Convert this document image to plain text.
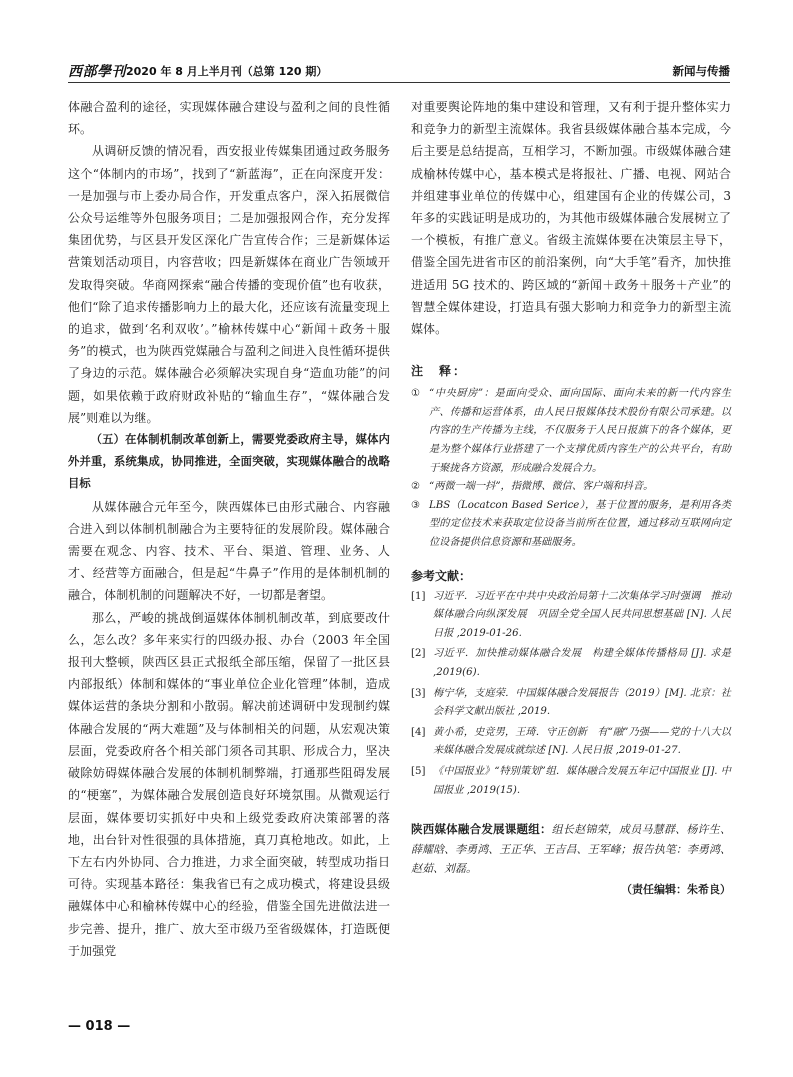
西部學刊 2020 年 8 月上半月刊（总第 120 期）	新闻与传播

体融合盈利的途径，实现媒体融合建设与盈利之间的良性循环。

从调研反馈的情况看，西安报业传媒集团通过政务服务这个“体制内的市场”，找到了“新蓝海”，正在向深度开发：一是加强与市上委办局合作，开发重点客户，深入拓展微信公众号运维等外包服务项目；二是加强报网合作，充分发挥集团优势，与区县开发区深化广告宣传合作；三是新媒体运营策划活动项目，内容营收；四是新媒体在商业广告领域开发取得突破。华商网探索“融合传播的变现价值”也有收获，他们“除了追求传播影响力上的最大化，还应该有流量变现上的追求，做到‘名利双收’。”榆林传媒中心“新闻＋政务＋服务”的模式，也为陕西党媒融合与盈利之间进入良性循环提供了身边的示范。媒体融合必须解决实现自身“造血功能”的问题，如果依赖于政府财政补贴的“输血生存”，“媒体融合发展”则难以为继。

（五）在体制机制改革创新上，需要党委政府主导，媒体内外并重，系统集成，协同推进，全面突破，实现媒体融合的战略目标

从媒体融合元年至今，陕西媒体已由形式融合、内容融合进入到以体制机制融合为主要特征的发展阶段。媒体融合需要在观念、内容、技术、平台、渠道、管理、业务、人才、经营等方面融合，但是起“牛鼻子”作用的是体制机制的融合，体制机制的问题解决不好，一切都是奢望。

那么，严峻的挑战倒逼媒体体制机制改革，到底要改什么，怎么改？多年来实行的四级办报、办台（2003 年全国报刊大整顿，陕西区县正式报纸全部压缩，保留了一批区县内部报纸）体制和媒体的“事业单位企业化管理”体制，造成媒体运营的条块分割和小散弱。解决前述调研中发现制约媒体融合发展的“两大难题”及与体制相关的问题，从宏观决策层面，党委政府各个相关部门须各司其职、形成合力，坚决破除妨碍媒体融合发展的体制机制弊端，打通那些阻碍发展的“梗塞”，为媒体融合发展创造良好环境氛围。从微观运行层面，媒体要切实抓好中央和上级党委政府决策部署的落地，出台针对性很强的具体措施，真刀真枪地改。如此，上下左右内外协同、合力推进，力求全面突破，转型成功指日可待。实现基本路径：集我省已有之成功模式，将建设县级融媒体中心和榆林传媒中心的经验，借鉴全国先进做法进一步完善、提升，推广、放大至市级乃至省级媒体，打造既便于加强党

对重要舆论阵地的集中建设和管理，又有利于提升整体实力和竞争力的新型主流媒体。我省县级媒体融合基本完成，今后主要是总结提高，互相学习，不断加强。市级媒体融合建成榆林传媒中心，基本模式是将报社、广播、电视、网站合并组建事业单位的传媒中心，组建国有企业的传媒公司，3 年多的实践证明是成功的，为其他市级媒体融合发展树立了一个模板，有推广意义。省级主流媒体要在决策层主导下，借鉴全国先进省市区的前沿案例，向“大手笔”看齐，加快推进适用 5G 技术的、跨区域的“新闻＋政务＋服务＋产业”的智慧全媒体建设，打造具有强大影响力和竞争力的新型主流媒体。

注　释：
① “中央厨房”：是面向受众、面向国际、面向未来的新一代内容生产、传播和运营体系，由人民日报媒体技术股份有限公司承建。以内容的生产传播为主线，不仅服务于人民日报旗下的各个媒体，更是为整个媒体行业搭建了一个支撑优质内容生产的公共平台，有助于聚拢各方资源，形成融合发展合力。
② “两微一端一抖”，指微博、微信、客户端和抖音。
③ LBS（Locatcon Based Serice），基于位置的服务，是利用各类型的定位技术来获取定位设备当前所在位置，通过移动互联网向定位设备提供信息资源和基础服务。
参考文献：
[1] 习近平．习近平在中共中央政治局第十二次集体学习时强调　推动媒体融合向纵深发展　巩固全党全国人民共同思想基础 [N]. 人民日报 ,2019-01-26.
[2] 习近平．加快推动媒体融合发展　构建全媒体传播格局 [J]. 求是 ,2019(6).
[3] 梅宁华，支庭荣．中国媒体融合发展报告（2019）[M]. 北京：社会科学文献出版社 ,2019.
[4] 黄小希，史竞男，王琦．守正创新　有“融”乃强——党的十八大以来媒体融合发展成就综述 [N]. 人民日报 ,2019-01-27.
[5] 《中国报业》“特别策划”组．媒体融合发展五年记中国报业 [J]. 中国报业 ,2019(15).
陕西媒体融合发展课题组：组长赵锦荣，成员马慧群、杨许生、薛耀晗、李勇鸿、王正华、王吉昌、王军峰；报告执笔：李勇鸿、赵茹、刘磊。
（责任编辑：朱希良）
— 018 —
